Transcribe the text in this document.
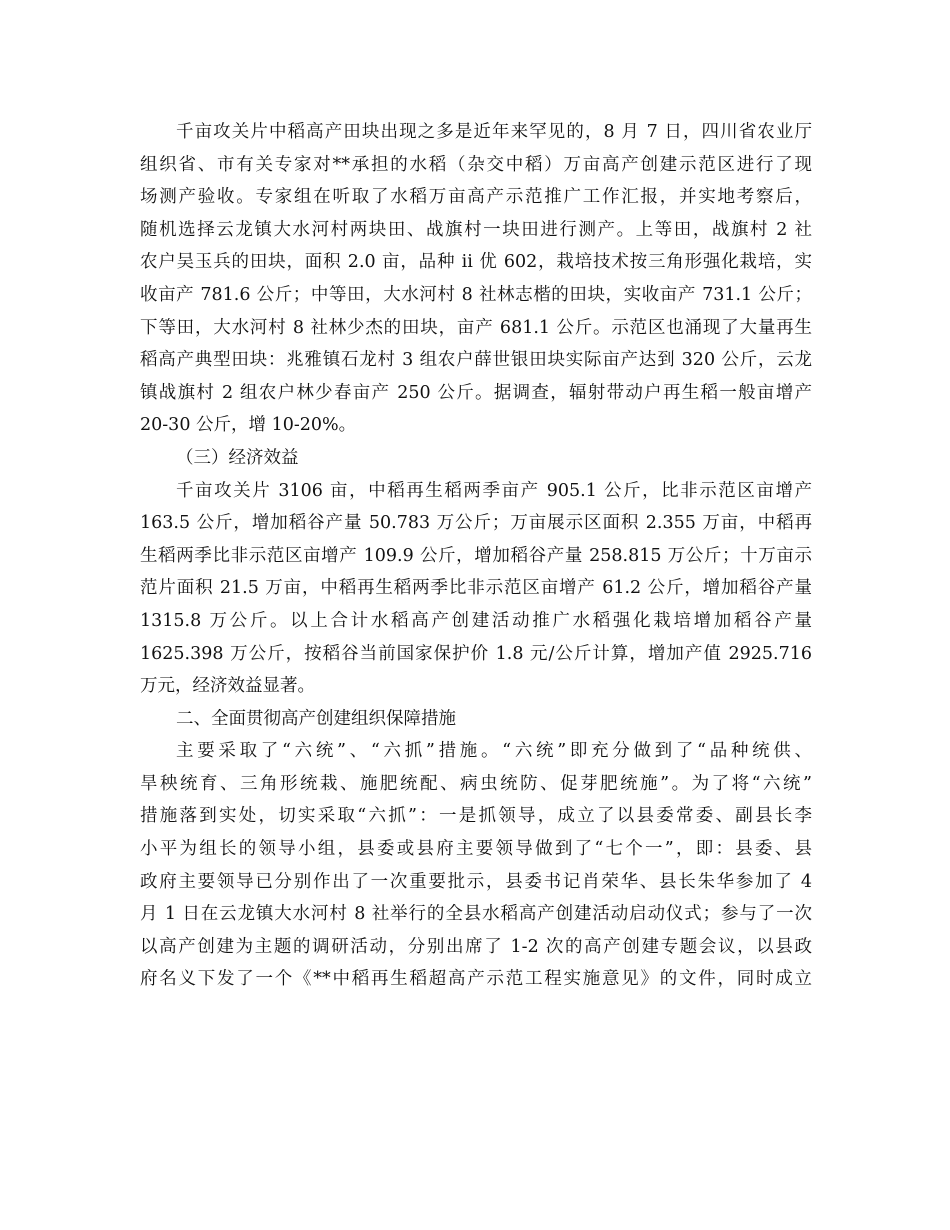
千亩攻关片中稻高产田块出现之多是近年来罕见的，8 月 7 日，四川省农业厅
组织省、市有关专家对**承担的水稻（杂交中稻）万亩高产创建示范区进行了现
场测产验收。专家组在听取了水稻万亩高产示范推广工作汇报，并实地考察后，
随机选择云龙镇大水河村两块田、战旗村一块田进行测产。上等田，战旗村 2 社
农户吴玉兵的田块，面积 2.0 亩，品种 ii 优 602，栽培技术按三角形强化栽培，实
收亩产 781.6 公斤；中等田，大水河村 8 社林志楷的田块，实收亩产 731.1 公斤；
下等田，大水河村 8 社林少杰的田块，亩产 681.1 公斤。示范区也涌现了大量再生
稻高产典型田块：兆雅镇石龙村 3 组农户薛世银田块实际亩产达到 320 公斤，云龙
镇战旗村 2 组农户林少春亩产 250 公斤。据调查，辐射带动户再生稻一般亩增产
20-30 公斤，增 10-20%。
（三）经济效益
千亩攻关片 3106 亩，中稻再生稻两季亩产 905.1 公斤，比非示范区亩增产
163.5 公斤，增加稻谷产量 50.783 万公斤；万亩展示区面积 2.355 万亩，中稻再
生稻两季比非示范区亩增产 109.9 公斤，增加稻谷产量 258.815 万公斤；十万亩示
范片面积 21.5 万亩，中稻再生稻两季比非示范区亩增产 61.2 公斤，增加稻谷产量
1315.8 万公斤。以上合计水稻高产创建活动推广水稻强化栽培增加稻谷产量
1625.398 万公斤，按稻谷当前国家保护价 1.8 元/公斤计算，增加产值 2925.716
万元，经济效益显著。
二、全面贯彻高产创建组织保障措施
主要采取了“六统”、“六抓”措施。“六统”即充分做到了“品种统供、
旱秧统育、三角形统栽、施肥统配、病虫统防、促芽肥统施”。为了将“六统”
措施落到实处，切实采取“六抓”：一是抓领导，成立了以县委常委、副县长李
小平为组长的领导小组，县委或县府主要领导做到了“七个一”，即：县委、县
政府主要领导已分别作出了一次重要批示，县委书记肖荣华、县长朱华参加了 4
月 1 日在云龙镇大水河村 8 社举行的全县水稻高产创建活动启动仪式；参与了一次
以高产创建为主题的调研活动，分别出席了 1-2 次的高产创建专题会议，以县政
府名义下发了一个《**中稻再生稻超高产示范工程实施意见》的文件，同时成立
